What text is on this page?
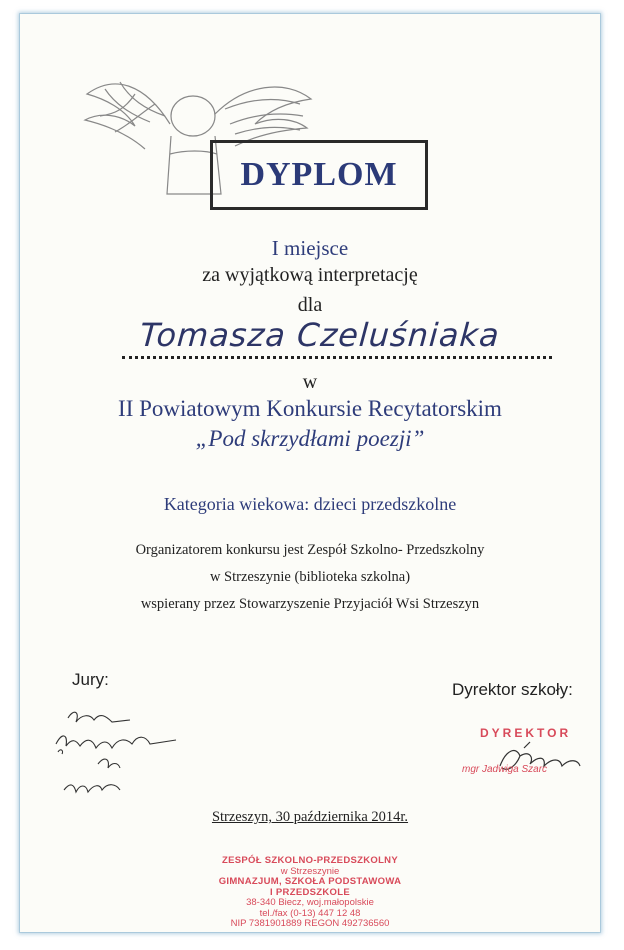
DYPLOM
I miejsce
za wyjątkową interpretację
dla
Tomasza Czeluśniaka
w
II Powiatowym Konkursie Recytatorskim
„Pod skrzydłami poezji”
Kategoria wiekowa: dzieci przedszkolne
Organizatorem konkursu jest Zespół Szkolno- Przedszkolny
w Strzeszynie (biblioteka szkolna)
wspierany przez Stowarzyszenie Przyjaciół Wsi Strzeszyn
Jury:
Dyrektor szkoły:
DYREKTOR
mgr Jadwiga Szarc
Strzeszyn, 30 października 2014r.
ZESPÓŁ SZKOLNO-PRZEDSZKOLNY
w Strzeszynie
GIMNAZJUM, SZKOŁA PODSTAWOWA
I PRZEDSZKOLE
38-340 Biecz, woj.małopolskie
tel./fax (0-13) 447 12 48
NIP 7381901889 REGON 492736560
